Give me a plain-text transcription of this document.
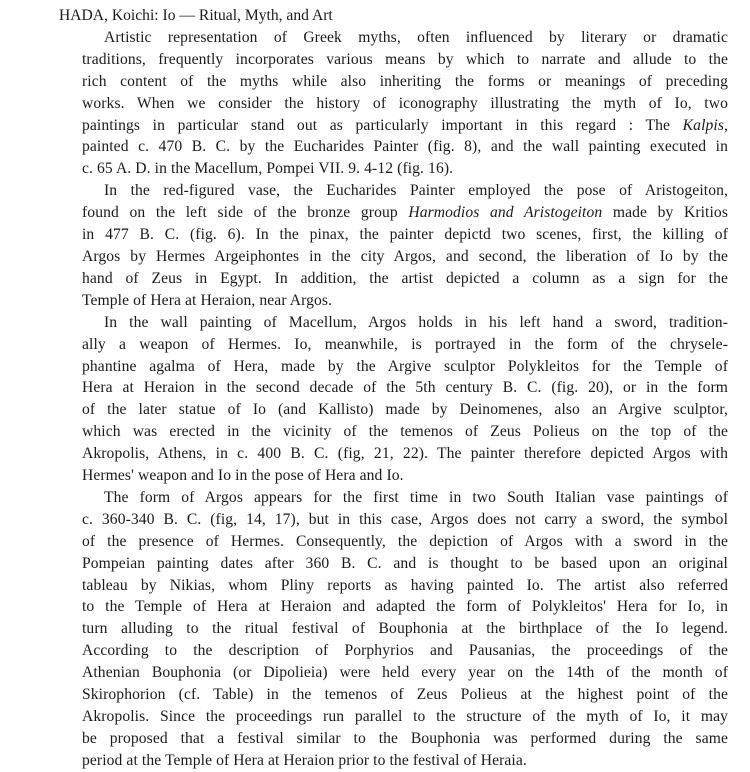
HADA, Koichi: Io — Ritual, Myth, and Art
Artistic representation of Greek myths, often influenced by literary or dramatic
traditions, frequently incorporates various means by which to narrate and allude to the
rich content of the myths while also inheriting the forms or meanings of preceding
works. When we consider the history of iconography illustrating the myth of Io, two
paintings in particular stand out as particularly important in this regard : The Kalpis,
painted c. 470 B. C. by the Eucharides Painter (fig. 8), and the wall painting executed in
c. 65 A. D. in the Macellum, Pompei VII. 9. 4-12 (fig. 16).
In the red-figured vase, the Eucharides Painter employed the pose of Aristogeiton,
found on the left side of the bronze group Harmodios and Aristogeiton made by Kritios
in 477 B. C. (fig. 6). In the pinax, the painter depictd two scenes, first, the killing of
Argos by Hermes Argeiphontes in the city Argos, and second, the liberation of Io by the
hand of Zeus in Egypt. In addition, the artist depicted a column as a sign for the
Temple of Hera at Heraion, near Argos.
In the wall painting of Macellum, Argos holds in his left hand a sword, tradition-
ally a weapon of Hermes. Io, meanwhile, is portrayed in the form of the chrysele-
phantine agalma of Hera, made by the Argive sculptor Polykleitos for the Temple of
Hera at Heraion in the second decade of the 5th century B. C. (fig. 20), or in the form
of the later statue of Io (and Kallisto) made by Deinomenes, also an Argive sculptor,
which was erected in the vicinity of the temenos of Zeus Polieus on the top of the
Akropolis, Athens, in c. 400 B. C. (fig, 21, 22). The painter therefore depicted Argos with
Hermes' weapon and Io in the pose of Hera and Io.
The form of Argos appears for the first time in two South Italian vase paintings of
c. 360-340 B. C. (fig, 14, 17), but in this case, Argos does not carry a sword, the symbol
of the presence of Hermes. Consequently, the depiction of Argos with a sword in the
Pompeian painting dates after 360 B. C. and is thought to be based upon an original
tableau by Nikias, whom Pliny reports as having painted Io. The artist also referred
to the Temple of Hera at Heraion and adapted the form of Polykleitos' Hera for Io, in
turn alluding to the ritual festival of Bouphonia at the birthplace of the Io legend.
According to the description of Porphyrios and Pausanias, the proceedings of the
Athenian Bouphonia (or Dipolieia) were held every year on the 14th of the month of
Skirophorion (cf. Table) in the temenos of Zeus Polieus at the highest point of the
Akropolis. Since the proceedings run parallel to the structure of the myth of Io, it may
be proposed that a festival similar to the Bouphonia was performed during the same
period at the Temple of Hera at Heraion prior to the festival of Heraia.
